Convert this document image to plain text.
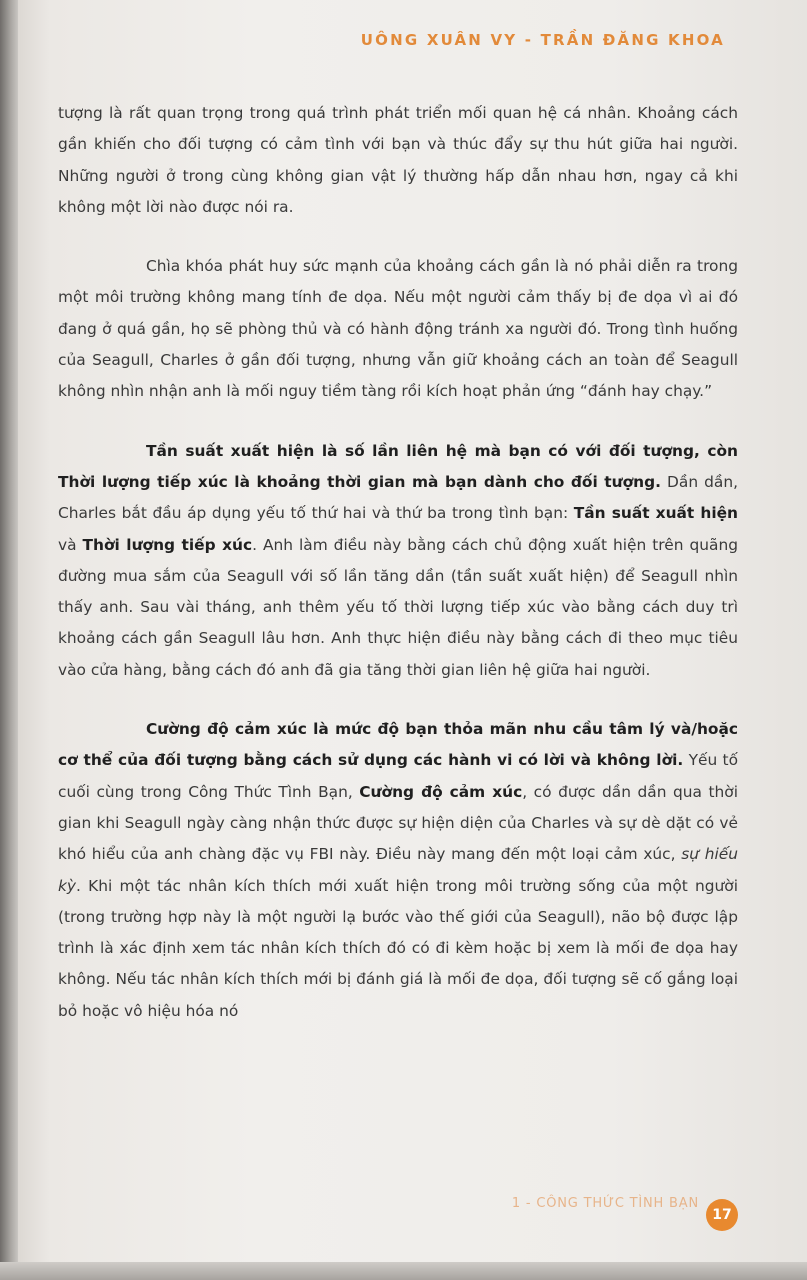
UÔNG XUÂN VY - TRẦN ĐĂNG KHOA

tượng là rất quan trọng trong quá trình phát triển mối quan hệ cá nhân. Khoảng cách gần khiến cho đối tượng có cảm tình với bạn và thúc đẩy sự thu hút giữa hai người. Những người ở trong cùng không gian vật lý thường hấp dẫn nhau hơn, ngay cả khi không một lời nào được nói ra.

Chìa khóa phát huy sức mạnh của khoảng cách gần là nó phải diễn ra trong một môi trường không mang tính đe dọa. Nếu một người cảm thấy bị đe dọa vì ai đó đang ở quá gần, họ sẽ phòng thủ và có hành động tránh xa người đó. Trong tình huống của Seagull, Charles ở gần đối tượng, nhưng vẫn giữ khoảng cách an toàn để Seagull không nhìn nhận anh là mối nguy tiềm tàng rồi kích hoạt phản ứng “đánh hay chạy.”

Tần suất xuất hiện là số lần liên hệ mà bạn có với đối tượng, còn Thời lượng tiếp xúc là khoảng thời gian mà bạn dành cho đối tượng. Dần dần, Charles bắt đầu áp dụng yếu tố thứ hai và thứ ba trong tình bạn: Tần suất xuất hiện và Thời lượng tiếp xúc. Anh làm điều này bằng cách chủ động xuất hiện trên quãng đường mua sắm của Seagull với số lần tăng dần (tần suất xuất hiện) để Seagull nhìn thấy anh. Sau vài tháng, anh thêm yếu tố thời lượng tiếp xúc vào bằng cách duy trì khoảng cách gần Seagull lâu hơn. Anh thực hiện điều này bằng cách đi theo mục tiêu vào cửa hàng, bằng cách đó anh đã gia tăng thời gian liên hệ giữa hai người.

Cường độ cảm xúc là mức độ bạn thỏa mãn nhu cầu tâm lý và/hoặc cơ thể của đối tượng bằng cách sử dụng các hành vi có lời và không lời. Yếu tố cuối cùng trong Công Thức Tình Bạn, Cường độ cảm xúc, có được dần dần qua thời gian khi Seagull ngày càng nhận thức được sự hiện diện của Charles và sự dè dặt có vẻ khó hiểu của anh chàng đặc vụ FBI này. Điều này mang đến một loại cảm xúc, sự hiếu kỳ. Khi một tác nhân kích thích mới xuất hiện trong môi trường sống của một người (trong trường hợp này là một người lạ bước vào thế giới của Seagull), não bộ được lập trình là xác định xem tác nhân kích thích đó có đi kèm hoặc bị xem là mối đe dọa hay không. Nếu tác nhân kích thích mới bị đánh giá là mối đe dọa, đối tượng sẽ cố gắng loại bỏ hoặc vô hiệu hóa nó

1 - CÔNG THỨC TÌNH BẠN
17
